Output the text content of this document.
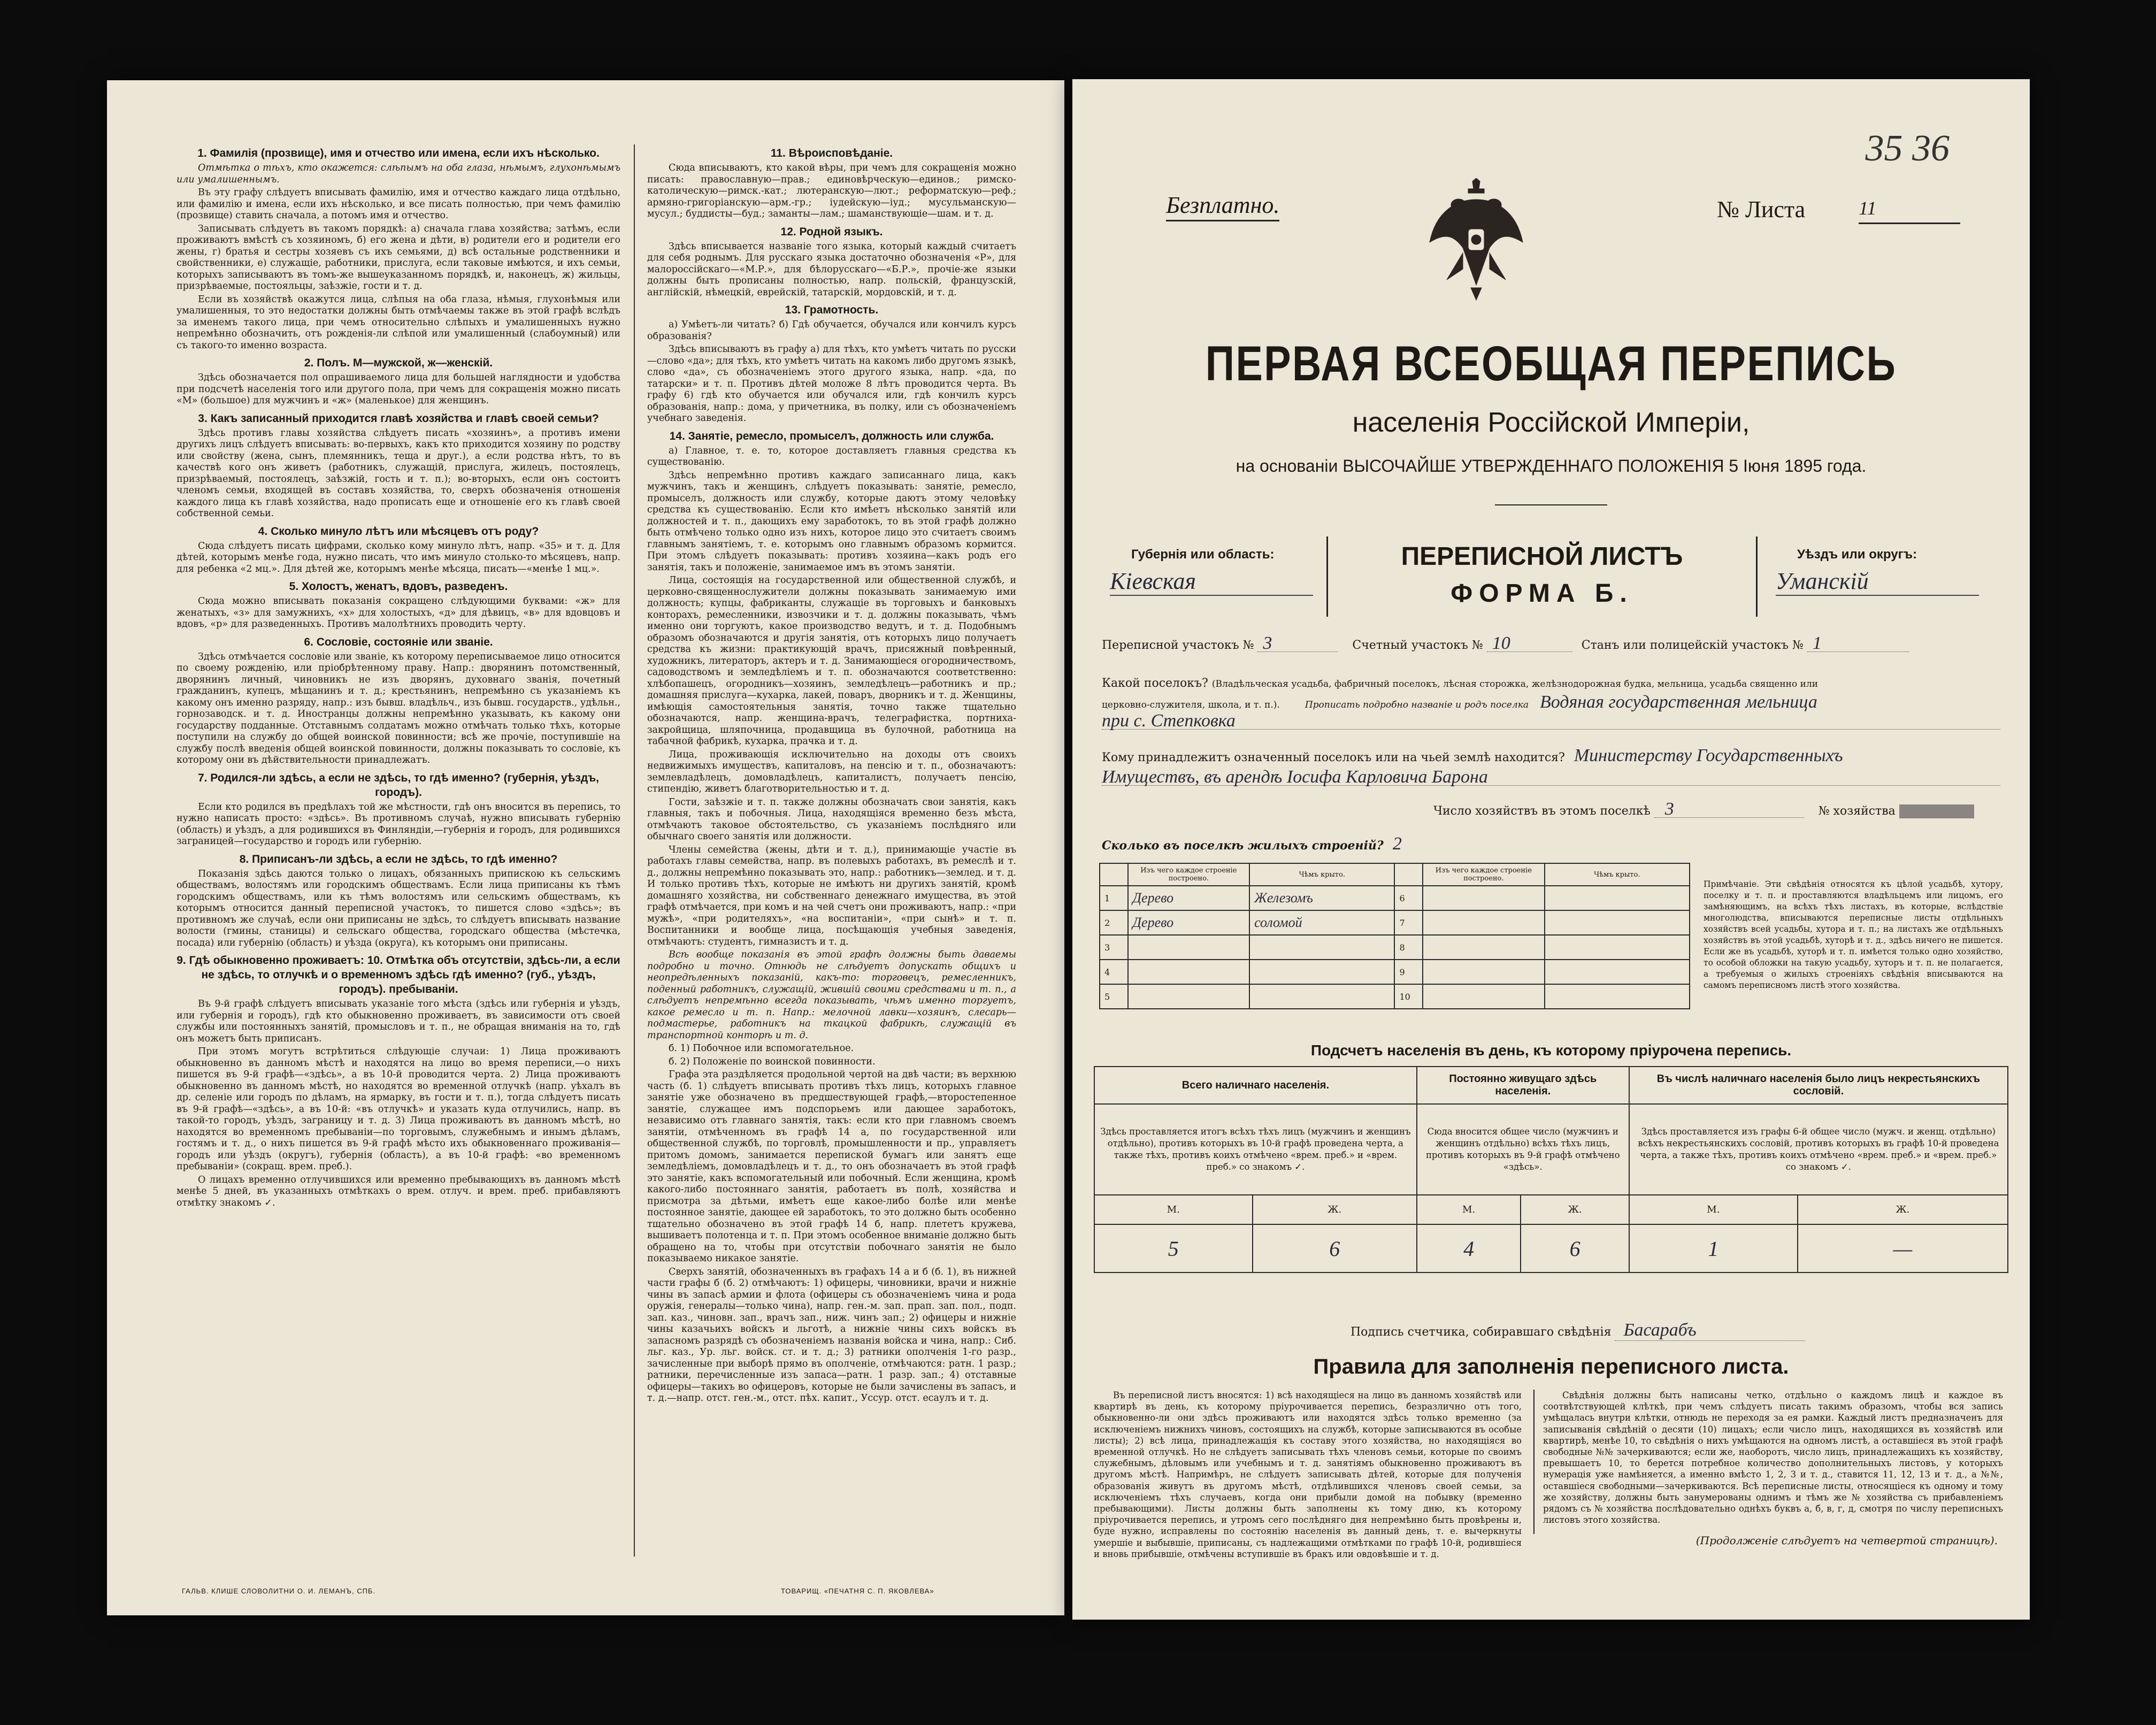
1. Фамилія (прозвище), имя и отчество или имена, если ихъ нѣсколько.

Отмѣтка о тѣхъ, кто окажется: слѣпымъ на оба глаза, нѣмымъ, глухонѣмымъ или умалишеннымъ.

Въ эту графу слѣдуетъ вписывать фамилію, имя и отчество каждаго лица отдѣльно, или фамилію и имена, если ихъ нѣсколько, и все писать полностью, при чемъ фамилію (прозвище) ставить сначала, а потомъ имя и отчество.

Записывать слѣдуетъ въ такомъ порядкѣ: а) сначала глава хозяйства; затѣмъ, если проживаютъ вмѣстѣ съ хозяиномъ, б) его жена и дѣти, в) родители его и родители его жены, г) братья и сестры хозяевъ съ ихъ семьями, д) всѣ остальные родственники и свойственники, е) служащіе, работники, прислуга, если таковые имѣются, и ихъ семьи, которыхъ записываютъ въ томъ-же вышеуказанномъ порядкѣ, и, наконецъ, ж) жильцы, призрѣваемые, постояльцы, заѣзжіе, гости и т. д.

Если въ хозяйствѣ окажутся лица, слѣпыя на оба глаза, нѣмыя, глухонѣмыя или умалишенныя, то это недостатки должны быть отмѣчаемы также въ этой графѣ вслѣдъ за именемъ такого лица, при чемъ относительно слѣпыхъ и умалишенныхъ нужно непремѣнно обозначить, отъ рожденія-ли слѣпой или умалишенный (слабоумный) или съ такого-то именно возраста.

2. Полъ. М—мужской, ж—женскій.

Здѣсь обозначается пол опрашиваемого лица для большей наглядности и удобства при подсчетѣ населенія того или другого пола, при чемъ для сокращенія можно писать «М» (большое) для мужчинъ и «ж» (маленькое) для женщинъ.

3. Какъ записанный приходится главѣ хозяйства и главѣ своей семьи?

Здѣсь противъ главы хозяйства слѣдуетъ писать «хозяинъ», а противъ имени другихъ лицъ слѣдуетъ вписывать: во-первыхъ, какъ кто приходится хозяину по родству или свойству (жена, сынъ, племянникъ, теща и друг.), а если родства нѣтъ, то въ качествѣ кого онъ живетъ (работникъ, служащій, прислуга, жилецъ, постоялецъ, призрѣваемый, постоялецъ, заѣзжій, гость и т. п.); во-вторыхъ, если онъ состоитъ членомъ семьи, входящей въ составъ хозяйства, то, сверхъ обозначенія отношенія каждого лица къ главѣ хозяйства, надо прописать еще и отношеніе его къ главѣ своей собственной семьи.

4. Сколько минуло лѣтъ или мѣсяцевъ отъ роду?

Сюда слѣдуетъ писать цифрами, сколько кому минуло лѣтъ, напр. «35» и т. д. Для дѣтей, которымъ менѣе года, нужно писать, что имъ минуло столько-то мѣсяцевъ, напр. для ребенка «2 мц.». Для дѣтей же, которымъ менѣе мѣсяца, писать—«менѣе 1 мц.».

5. Холостъ, женатъ, вдовъ, разведенъ.

Сюда можно вписывать показанія сокращено слѣдующими буквами: «ж» для женатыхъ, «з» для замужнихъ, «х» для холостыхъ, «д» для дѣвицъ, «в» для вдовцовъ и вдовъ, «р» для разведенныхъ. Противъ малолѣтнихъ проводить черту.

6. Сословіе, состояніе или званіе.

Здѣсь отмѣчается сословіе или званіе, къ которому переписываемое лицо относится по своему рожденію, или пріобрѣтенному праву. Напр.: дворянинъ потомственный, дворянинъ личный, чиновникъ не изъ дворянъ, духовнаго званія, почетный гражданинъ, купецъ, мѣщанинъ и т. д.; крестьянинъ, непремѣнно съ указаніемъ къ какому онъ именно разряду, напр.: изъ бывш. владѣльч., изъ бывш. государств., удѣльн., горнозаводск. и т. д. Иностранцы должны непремѣнно указывать, къ какому они государству подданные. Отставнымъ солдатамъ можно отмѣчать только тѣхъ, которые поступили на службу до общей воинской повинности; всѣ же прочіе, поступившіе на службу послѣ введенія общей воинской повинности, должны показывать то сословіе, къ которому они въ дѣйствительности принадлежатъ.

7. Родился-ли здѣсь, а если не здѣсь, то гдѣ именно? (губернія, уѣздъ, городъ).

Если кто родился въ предѣлахъ той же мѣстности, гдѣ онъ вносится въ перепись, то нужно написать просто: «здѣсь». Въ противномъ случаѣ, нужно вписывать губернію (область) и уѣздъ, а для родившихся въ Финляндіи,—губернія и городъ, для родившихся заграницей—государство и городъ или губернію.

8. Приписанъ-ли здѣсь, а если не здѣсь, то гдѣ именно?

Показанія здѣсь даются только о лицахъ, обязанныхъ припискою къ сельскимъ обществамъ, волостямъ или городскимъ обществамъ. Если лица приписаны къ тѣмъ городскимъ обществамъ, или къ тѣмъ волостямъ или сельскимъ обществамъ, къ которымъ относится данный переписной участокъ, то пишется слово «здѣсь»; въ противномъ же случаѣ, если они приписаны не здѣсь, то слѣдуетъ вписывать название волости (гмины, станицы) и сельскаго общества, городскаго общества (мѣстечка, посада) или губернію (область) и уѣзда (округа), къ которымъ они приписаны.

9. Гдѣ обыкновенно проживаетъ: 10. Отмѣтка объ отсутствіи, здѣсь-ли, а если не здѣсь, то отлучкѣ и о временномъ здѣсь гдѣ именно? (губ., уѣздъ, городъ). пребываніи.

Въ 9-й графѣ слѣдуетъ вписывать указаніе того мѣста (здѣсь или губернія и уѣздъ, или губернія и городъ), гдѣ кто обыкновенно проживаетъ, въ зависимости отъ своей службы или постоянныхъ занятій, промысловъ и т. п., не обращая вниманія на то, гдѣ онъ можетъ быть приписанъ.

При этомъ могутъ встрѣтиться слѣдующіе случаи: 1) Лица проживаютъ обыкновенно въ данномъ мѣстѣ и находятся на лицо во время переписи,—о нихъ пишется въ 9-й графѣ—«здѣсь», а въ 10-й проводится черта. 2) Лица проживаютъ обыкновенно въ данномъ мѣстѣ, но находятся во временной отлучкѣ (напр. уѣхалъ въ др. селеніе или городъ по дѣламъ, на ярмарку, въ гости и т. п.), тогда слѣдуетъ писать въ 9-й графѣ—«здѣсь», а въ 10-й: «въ отлучкѣ» и указать куда отлучились, напр. въ такой-то городъ, уѣздъ, заграницу и т. д. 3) Лица проживаютъ въ данномъ мѣстѣ, но находятся во временномъ пребываніи—по торговымъ, служебнымъ и инымъ дѣламъ, гостямъ и т. д., о нихъ пишется въ 9-й графѣ мѣсто ихъ обыкновеннаго проживанія—городъ или уѣздъ (округъ), губернія (область), а въ 10-й графѣ: «во временномъ пребываніи» (сокращ. врем. преб.).

О лицахъ временно отлучившихся или временно пребывающихъ въ данномъ мѣстѣ менѣе 5 дней, въ указанныхъ отмѣткахъ о врем. отлуч. и врем. преб. прибавляютъ отмѣтку знакомъ ✓.

11. Вѣроисповѣданіе.

Сюда вписываютъ, кто какой вѣры, при чемъ для сокращенія можно писать: православную—прав.; единовѣрческую—единов.; римско-католическую—римск.-кат.; лютеранскую—лют.; реформатскую—реф.; армяно-григоріанскую—арм.-гр.; іудейскую—іуд.; мусульманскую—мусул.; буддисты—буд.; заманты—лам.; шаманствующіе—шам. и т. д.

12. Родной языкъ.

Здѣсь вписывается названіе того языка, который каждый считаетъ для себя роднымъ. Для русскаго языка достаточно обозначенія «Р», для малороссійскаго—«М.Р.», для бѣлорусскаго—«Б.Р.», прочіе-же языки должны быть прописаны полностью, напр. польскій, французскій, англійскій, нѣмецкій, еврейскій, татарскій, мордовскій, и т. д.

13. Грамотность.

а) Умѣетъ-ли читать? б) Гдѣ обучается, обучался или кончилъ курсъ образованія?

Здѣсь вписываютъ въ графу а) для тѣхъ, кто умѣетъ читать по русски—слово «да»; для тѣхъ, кто умѣетъ читать на какомъ либо другомъ языкѣ, слово «да», съ обозначеніемъ этого другого языка, напр. «да, по татарски» и т. п. Противъ дѣтей моложе 8 лѣтъ проводится черта. Въ графу 6) гдѣ кто обучается или обучался или, гдѣ кончилъ курсъ образованія, напр.: дома, у причетника, въ полку, или съ обозначеніемъ учебнаго заведенія.

14. Занятіе, ремесло, промыселъ, должность или служба.

а) Главное, т. е. то, которое доставляетъ главныя средства къ существованію.

Здѣсь непремѣнно противъ каждаго записаннаго лица, какъ мужчинъ, такъ и женщинъ, слѣдуетъ показывать: занятіе, ремесло, промыселъ, должность или службу, которые даютъ этому человѣку средства къ существованію. Если кто имѣетъ нѣсколько занятій или должностей и т. п., дающихъ ему заработокъ, то въ этой графѣ должно быть отмѣчено только одно изъ нихъ, которое лицо это считаетъ своимъ главнымъ занятіемъ, т. е. которымъ оно главнымъ образомъ кормится. При этомъ слѣдуетъ показывать: противъ хозяина—какъ родъ его занятія, такъ и положеніе, занимаемое имъ въ этомъ занятіи.

Лица, состоящія на государственной или общественной службѣ, и церковно-священнослужители должны показывать занимаемую ими должность; купцы, фабриканты, служащіе въ торговыхъ и банковыхъ конторахъ, ремесленники, извозчики и т. д. должны показывать, чѣмъ именно они торгуютъ, какое производство ведутъ, и т. д. Подобнымъ образомъ обозначаются и другія занятія, отъ которыхъ лицо получаетъ средства къ жизни: практикующій врачъ, присяжный повѣренный, художникъ, литераторъ, актеръ и т. д. Занимающіеся огородничествомъ, садоводствомъ и земледѣліемъ и т. п. обозначаются соответственно: хлѣбопашецъ, огородникъ—хозяинъ, земледѣлецъ—работникъ и пр.; домашняя прислуга—кухарка, лакей, поваръ, дворникъ и т. д. Женщины, имѣющія самостоятельныя занятія, точно также тщательно обозначаются, напр. женщина-врачъ, телеграфистка, портниха-закройщица, шляпочница, продавщица въ булочной, работница на табачной фабрикѣ, кухарка, прачка и т. д.

Лица, проживающія исключительно на доходы отъ своихъ недвижимыхъ имуществъ, капиталовъ, на пенсію и т. п., обозначаютъ: землевладѣлецъ, домовладѣлецъ, капиталистъ, получаетъ пенсію, стипендію, живетъ благотворительностью и т. д.

Гости, заѣзжіе и т. п. также должны обозначать свои занятія, какъ главныя, такъ и побочныя. Лица, находящіяся временно безъ мѣста, отмѣчаютъ таковое обстоятельство, съ указаніемъ послѣдняго или обычнаго своего занятія или должности.

Члены семейства (жены, дѣти и т. д.), принимающіе участіе въ работахъ главы семейства, напр. въ полевыхъ работахъ, въ ремеслѣ и т. д., должны непремѣнно показывать это, напр.: работникъ—землед. и т. д. И только противъ тѣхъ, которые не имѣютъ ни другихъ занятій, кромѣ домашняго хозяйства, ни собственнаго денежнаго имущества, въ этой графѣ отмѣчается, при комъ и на чей счетъ они проживаютъ, напр.: «при мужѣ», «при родителяхъ», «на воспитаніи», «при сынѣ» и т. п. Воспитанники и вообще лица, посѣщающія учебныя заведенія, отмѣчаютъ: студентъ, гимназистъ и т. д.

Всѣ вообще показанія въ этой графѣ должны быть даваемы подробно и точно. Отнюдь не слѣдуетъ допускать общихъ и неопредѣленныхъ показаній, какъ-то: торговецъ, ремесленникъ, поденный работникъ, служащій, жившій своими средствами и т. п., а слѣдуетъ непремѣнно всегда показывать, чѣмъ именно торгуетъ, какое ремесло и т. п. Напр.: мелочной лавки—хозяинъ, слесарь—подмастерье, работникъ на ткацкой фабрикѣ, служащій въ транспортной конторѣ и т. д.

б. 1) Побочное или вспомогательное.

б. 2) Положеніе по воинской повинности.

Графа эта раздѣляется продольной чертой на двѣ части; въ верхнюю часть (б. 1) слѣдуетъ вписывать противъ тѣхъ лицъ, которыхъ главное занятіе уже обозначено въ предшествующей графѣ,—второстепенное занятіе, служащее имъ подспорьемъ или дающее заработокъ, независимо отъ главнаго занятія, такъ: если кто при главномъ своемъ занятіи, отмѣченномъ въ графѣ 14 а, по государственной или общественной службѣ, по торговлѣ, промышленности и пр., управляетъ притомъ домомъ, занимается перепиской бумагъ или занятъ еще земледѣліемъ, домовладѣлецъ и т. д., то онъ обозначаетъ въ этой графѣ это занятіе, какъ вспомогательный или побочный. Если женщина, кромѣ какого-либо постояннаго занятія, работаетъ въ полѣ, хозяйства и присмотра за дѣтьми, имѣетъ еще какое-либо болѣе или менѣе постоянное занятіе, дающее ей заработокъ, то это должно быть особенно тщательно обозначено въ этой графѣ 14 б, напр. плететъ кружева, вышиваетъ полотенца и т. п. При этомъ особенное вниманіе должно быть обращено на то, чтобы при отсутствіи побочнаго занятія не было показываемо никакое занятіе.

Сверхъ занятій, обозначенныхъ въ графахъ 14 а и б (б. 1), въ нижней части графы б (б. 2) отмѣчаютъ: 1) офицеры, чиновники, врачи и нижніе чины въ запасѣ армии и флота (офицеры съ обозначеніемъ чина и рода оружія, генералы—только чина), напр. ген.-м. зап. прап. зап. пол., подп. зап. каз., чиновн. зап., врачъ зап., ниж. чинъ зап.; 2) офицеры и нижніе чины казачьихъ войскъ и льготѣ, а нижніе чины сихъ войскъ въ запасномъ разрядѣ съ обозначеніемъ названія войска и чина, напр.: Сиб. льг. каз., Ур. льг. войск. ст. и т. д.; 3) ратники ополченія 1-го разр., зачисленные при выборѣ прямо въ ополченіе, отмѣчаются: ратн. 1 разр.; ратники, перечисленные изъ запаса—ратн. 1 разр. зап.; 4) отставные офицеры—такихъ во офицеровъ, которые не были зачислены въ запасъ, и т. д.—напр. отст. ген.-м., отст. пѣх. капит., Уссур. отст. есаулъ и т. д.

ГАЛЬВ. КЛИШЕ СЛОВОЛИТНИ О. И. ЛЕМАНЪ, СПБ.	ТОВАРИЩ. «ПЕЧАТНЯ С. П. ЯКОВЛЕВА»
35 36
Безплатно.	№ Листа	11
ПЕРВАЯ ВСЕОБЩАЯ ПЕРЕПИСЬ
населенія Россійской Имперіи,
на основаніи ВЫСОЧАЙШЕ УТВЕРЖДЕННАГО ПОЛОЖЕНІЯ 5 Іюня 1895 года.
Губернія или область:
Кіевская
ПЕРЕПИСНОЙ ЛИСТЪ
ФОРМА Б.
Уѣздъ или округъ:
Уманскій
Переписной участокъ № 3	Счетный участокъ № 10	Станъ или полицейскій участокъ № 1
Какой поселокъ? (Владѣльческая усадьба, фабричный поселокъ, лѣсная сторожка, желѣзнодорожная будка, мельница, усадьба священно или
церковно-служителя, школа, и т. п.).	Прописать подробно названіе и родъ поселка Водяная государственная мельница
при с. Степковка
Кому принадлежитъ означенный поселокъ или на чьей землѣ находится? Министерству Государственныхъ
Имуществъ, въ арендѣ Іосифа Карловича Барона
Число хозяйствъ въ этомъ поселкѣ 3	№ хозяйства
Сколько въ поселкѣ жилыхъ строеній? 2
	Изъ чего каждое строеніе построено.	Чѣмъ крыто.		Изъ чего каждое строеніе построено.	Чѣмъ крыто.
1	Дерево	Железомъ	6		
2	Дерево	соломой	7		
3			8		
4			9		
5			10		
Примѣчаніе. Эти свѣдѣнія относятся къ цѣлой усадьбѣ, хутору, поселку и т. п. и проставляются владѣльцемъ или лицомъ, его замѣняющимъ, на всѣхъ тѣхъ листахъ, въ которые, вслѣдствіе многолюдства, вписываются переписные листы отдѣльныхъ хозяйствъ всей усадьбы, хутора и т. п.; на листахъ же отдѣльныхъ хозяйствъ въ этой усадьбѣ, хуторѣ и т. д., здѣсь ничего не пишется. Если же въ усадьбѣ, хуторѣ и т. п. имѣется только одно хозяйство, то особой обложки на такую усадьбу, хуторъ и т. п. не полагается, а требуемыя о жилыхъ строеніяхъ свѣдѣнія вписываются на самомъ переписномъ листѣ этого хозяйства.
Подсчетъ населенія въ день, къ которому пріурочена перепись.
Всего наличнаго населенія.		Постоянно живущаго здѣсь населенія.		Въ числѣ наличнаго населенія было лицъ некрестьянскихъ сословій.	
Здѣсь проставляется итогъ всѣхъ тѣхъ лицъ (мужчинъ и женщинъ отдѣльно), противъ которыхъ въ 10-й графѣ проведена черта, а также тѣхъ, противъ коихъ отмѣчено «врем. преб.» и «врем. преб.» со знакомъ ✓.		Сюда вносится общее число (мужчинъ и женщинъ отдѣльно) всѣхъ тѣхъ лицъ, противъ которыхъ въ 9-й графѣ отмѣчено «здѣсь».		Здѣсь проставляется изъ графы 6-й общее число (мужч. и женщ. отдѣльно) всѣхъ некрестьянскихъ сословій, противъ которыхъ въ графѣ 10-й проведена черта, а также тѣхъ, противъ коихъ отмѣчено «врем. преб.» и «врем. преб.» со знакомъ ✓.	
М.	Ж.	М.	Ж.	М.	Ж.
5	6	4	6	1	—
Подпись счетчика, собиравшаго свѣдѣнія Басарабъ
Правила для заполненія переписного листа.

Въ переписной листъ вносятся: 1) всѣ находящіеся на лицо въ данномъ хозяйствѣ или квартирѣ въ день, къ которому пріурочивается перепись, безразлично отъ того, обыкновенно-ли они здѣсь проживаютъ или находятся здѣсь только временно (за исключеніемъ нижнихъ чиновъ, состоящихъ на службѣ, которые записываются въ особые листы); 2) всѣ лица, принадлежащія къ составу этого хозяйства, но находящіяся во временной отлучкѣ. Но не слѣдуетъ записывать тѣхъ членовъ семьи, которые по своимъ служебнымъ, дѣловымъ или учебнымъ и т. д. занятіямъ обыкновенно проживаютъ въ другомъ мѣстѣ. Напримѣръ, не слѣдуетъ записывать дѣтей, которые для полученія образованія живутъ въ другомъ мѣстѣ, отдѣлившихся членовъ своей семьи, за исключеніемъ тѣхъ случаевъ, когда они прибыли домой на побывку (временно пребывающими). Листы должны быть заполнены къ тому дню, къ которому пріурочивается перепись, и утромъ сего послѣдняго дня непремѣнно быть провѣрены и, буде нужно, исправлены по состоянію населенія въ данный день, т. е. вычеркнуты умершіе и выбывшіе, приписаны, съ надлежащими отмѣтками по графѣ 10-й, родившіеся и вновь прибывшіе, отмѣчены вступившіе въ бракъ или овдовѣвшіе и т. д.

Свѣдѣнія должны быть написаны четко, отдѣльно о каждомъ лицѣ и каждое въ соотвѣтствующей клѣткѣ, при чемъ слѣдуетъ писать такимъ образомъ, чтобы вся запись умѣщалась внутри клѣтки, отнюдь не переходя за ея рамки. Каждый листъ предназначенъ для записыванія свѣдѣній о десяти (10) лицахъ; если число лицъ, находящихся въ хозяйствѣ или квартирѣ, менѣе 10, то свѣдѣнія о нихъ умѣщаются на одномъ листѣ, а оставшіеся въ этой графѣ свободные №№ зачеркиваются; если же, наоборотъ, число лицъ, принадлежащихъ къ хозяйству, превышаетъ 10, то берется потребное количество дополнительныхъ листовъ, у которыхъ нумерація уже намѣняется, а именно вмѣсто 1, 2, 3 и т. д., ставится 11, 12, 13 и т. д., а №№, оставшіеся свободными—зачеркиваются. Всѣ переписные листы, относящіеся къ одному и тому же хозяйству, должны быть занумерованы однимъ и тѣмъ же № хозяйства съ прибавленіемъ рядомъ съ № хозяйства послѣдовательно однѣхъ буквъ а, б, в, г, д, смотря по числу переписныхъ листовъ этого хозяйства.

(Продолженіе слѣдуетъ на четвертой страницѣ).
